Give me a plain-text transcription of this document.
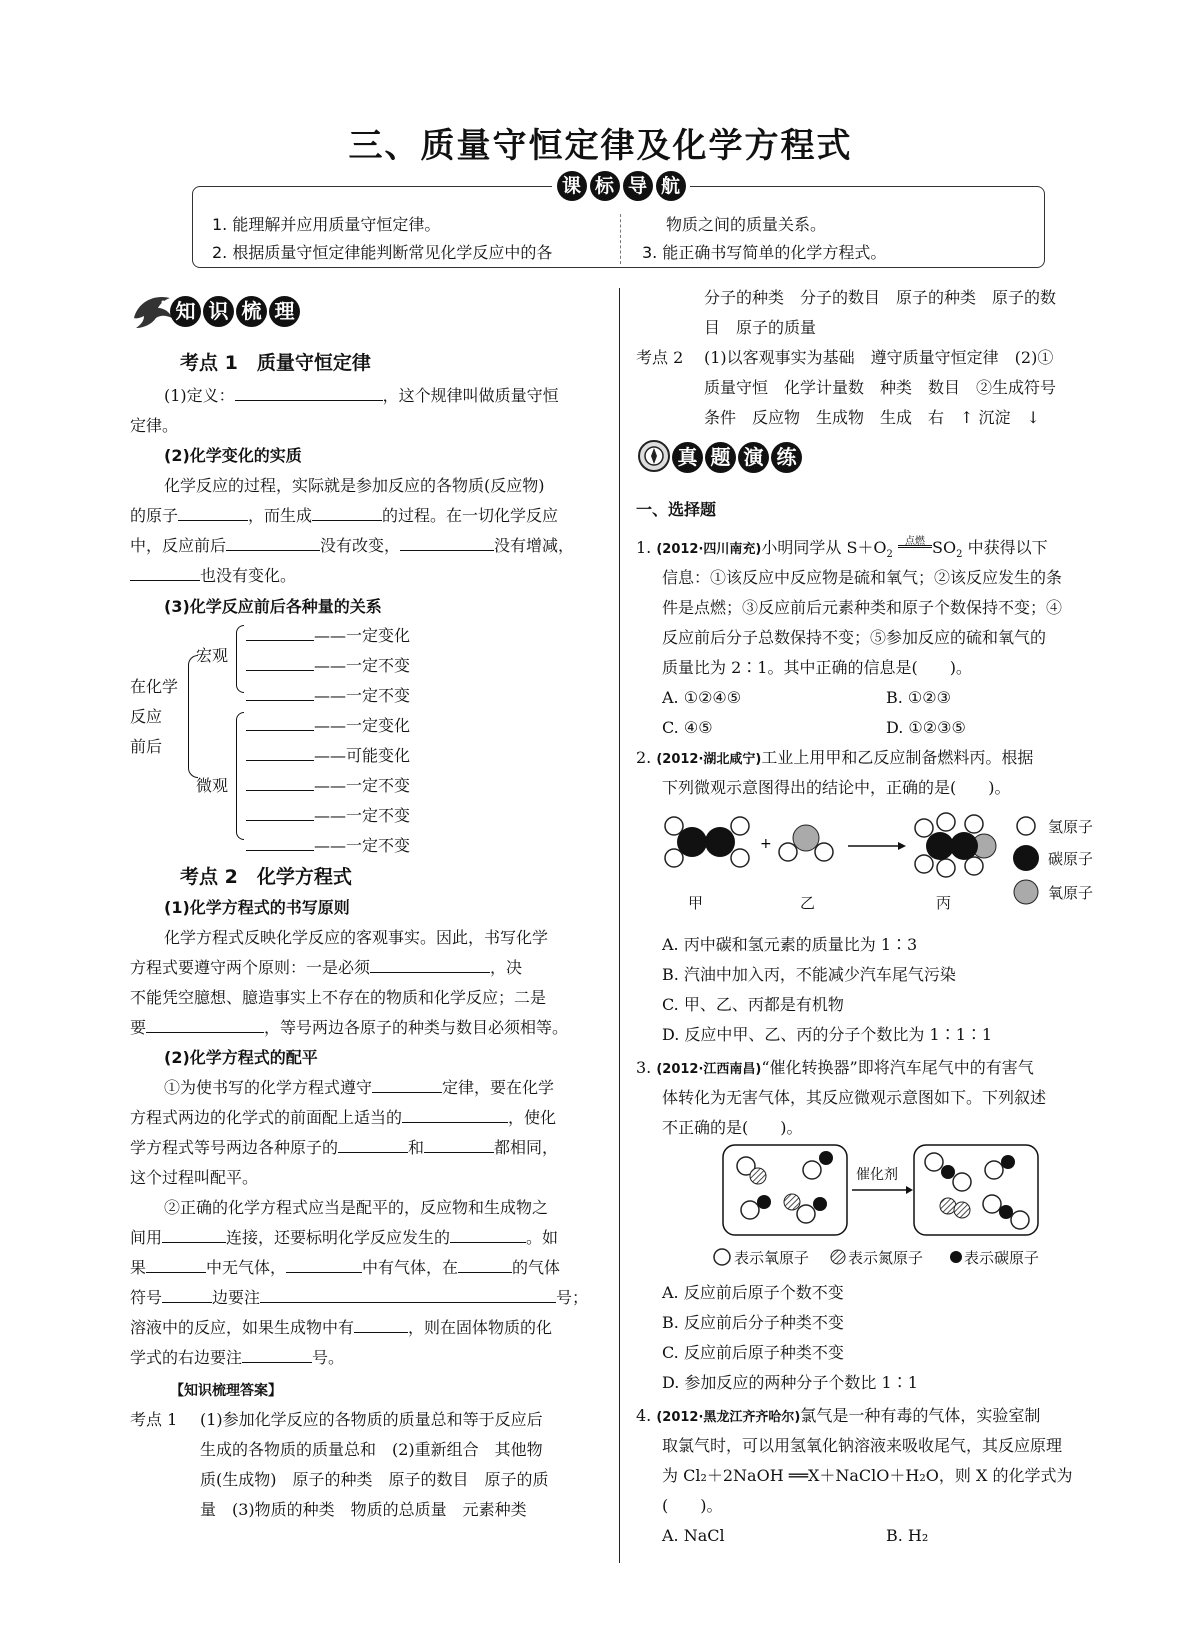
三、质量守恒定律及化学方程式
课 标 导 航
1. 能理解并应用质量守恒定律。
2. 根据质量守恒定律能判断常见化学反应中的各
物质之间的质量关系。
3. 能正确书写简单的化学方程式。
知 识 梳 理
考点 1　质量守恒定律
(1)定义：	，这个规律叫做质量守恒
定律。
(2)化学变化的实质
化学反应的过程，实际就是参加反应的各物质(反应物)
的原子	，而生成	的过程。在一切化学反应
中，反应前后	没有改变，	没有增减，
也没有变化。
(3)化学反应前后各种量的关系
在化学
反应
前后
宏观
微观
——一定变化
——一定不变
——一定不变
——一定变化
——可能变化
——一定不变
——一定不变
——一定不变
考点 2　化学方程式
(1)化学方程式的书写原则
化学方程式反映化学反应的客观事实。因此，书写化学
方程式要遵守两个原则：一是必须	，决
不能凭空臆想、臆造事实上不存在的物质和化学反应；二是
要	，等号两边各原子的种类与数目必须相等。
(2)化学方程式的配平
①为使书写的化学方程式遵守	定律，要在化学
方程式两边的化学式的前面配上适当的	，使化
学方程式等号两边各种原子的	和	都相同，
这个过程叫配平。
②正确的化学方程式应当是配平的，反应物和生成物之
间用	连接，还要标明化学反应发生的	。如
果	中无气体，	中有气体，在	的气体
符号	边要注	号；
溶液中的反应，如果生成物中有	，则在固体物质的化
学式的右边要注	号。
【知识梳理答案】
考点 1 (1)参加化学反应的各物质的质量总和等于反应后
生成的各物质的质量总和　(2)重新组合　其他物
质(生成物)　原子的种类　原子的数目　原子的质
量　(3)物质的种类　物质的总质量　元素种类
分子的种类　分子的数目　原子的种类　原子的数
目　原子的质量
考点 2 (1)以客观事实为基础　遵守质量守恒定律　(2)①
质量守恒　化学计量数　种类　数目　②生成符号
条件　反应物　生成物　生成　右　↑ 沉淀　↓
真 题 演 练
一、选择题
1. (2012·四川南充)小明同学从 $S+O_2$
点燃 $SO_2$ 中获得以下
信息：①该反应中反应物是硫和氧气；②该反应发生的条
件是点燃；③反应前后元素种类和原子个数保持不变；④
反应前后分子总数保持不变；⑤参加反应的硫和氧气的
质量比为 2∶1。其中正确的信息是(　　)。
A. ①②④⑤	B. ①②③
C. ④⑤	D. ①②③⑤
2. (2012·湖北咸宁)工业上用甲和乙反应制备燃料丙。根据
下列微观示意图得出的结论中，正确的是(　　)。
+
甲	乙	丙
氢原子
碳原子
氧原子
A. 丙中碳和氢元素的质量比为 1∶3
B. 汽油中加入丙，不能减少汽车尾气污染
C. 甲、乙、丙都是有机物
D. 反应中甲、乙、丙的分子个数比为 1∶1∶1
3. (2012·江西南昌)“催化转换器”即将汽车尾气中的有害气
体转化为无害气体，其反应微观示意图如下。下列叙述
不正确的是(　　)。
催化剂
表示氧原子	表示氮原子	表示碳原子
A. 反应前后原子个数不变
B. 反应前后分子种类不变
C. 反应前后原子种类不变
D. 参加反应的两种分子个数比 1∶1
4. (2012·黑龙江齐齐哈尔)氯气是一种有毒的气体，实验室制
取氯气时，可以用氢氧化钠溶液来吸收尾气，其反应原理
为 Cl₂＋2NaOH ══X＋NaClO＋H₂O，则 X 的化学式为
(　　)。
A. NaCl	B. H₂
